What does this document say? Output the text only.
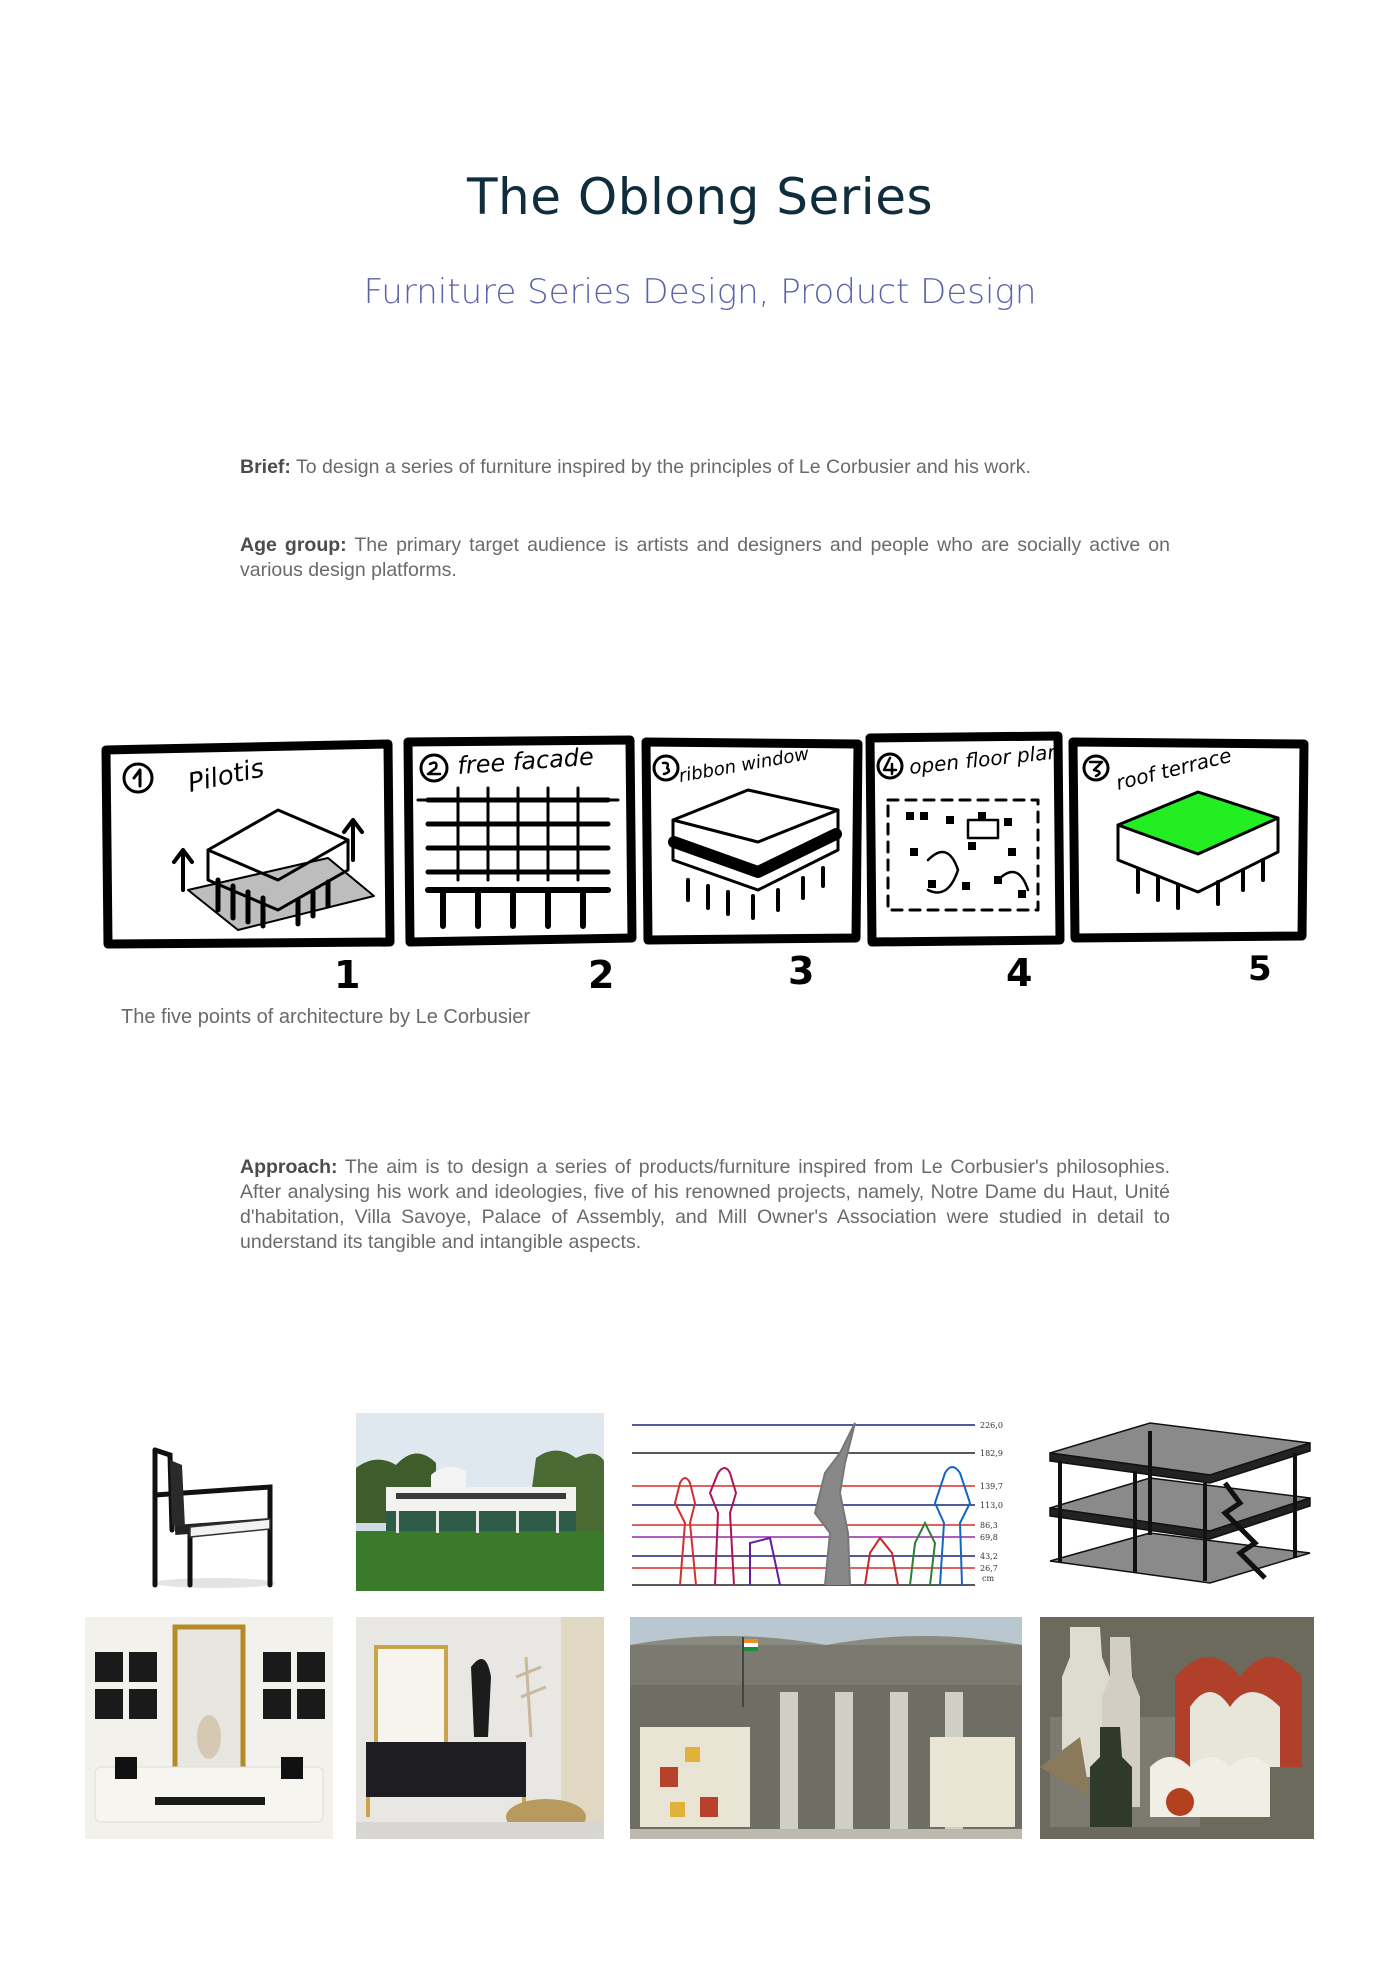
The Oblong Series
Furniture Series Design, Product Design
Brief: To design a series of furniture inspired by the principles of Le Corbusier and his work.
Age group: The primary target audience is artists and designers and people who are socially active on various design platforms.
Pilotis	free facade	ribbon window	open floor plan	roof terrace
1	2	3	4	5
The five points of architecture by Le Corbusier
Approach: The aim is to design a series of products/furniture inspired from Le Corbusier's philosophies. After analysing his work and ideologies, five of his renowned projects, namely, Notre Dame du Haut, Unité d'habitation, Villa Savoye, Palace of Assembly, and Mill Owner's Association were studied in detail to understand its tangible and intangible aspects.
226,0
182,9
139,7
113,0
86,3
69,8
43,2
26,7
cm
